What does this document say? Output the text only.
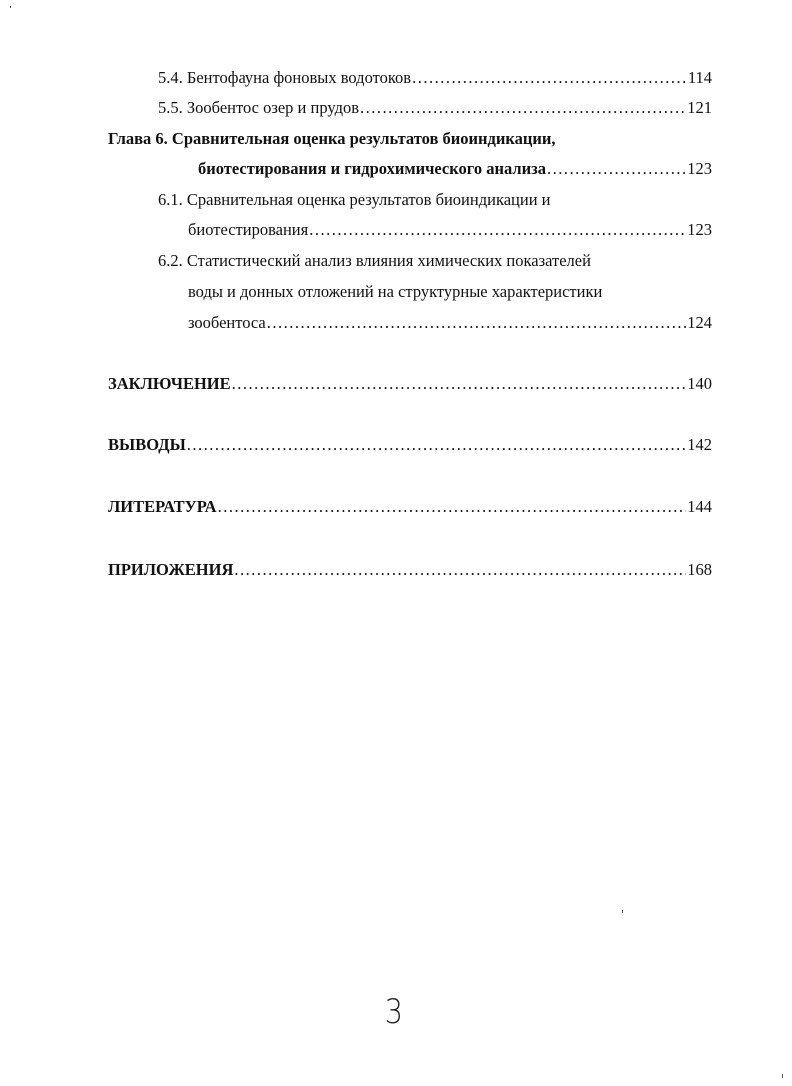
5.4. Бентофауна фоновых водотоков .....	114
5.5. Зообентос озер и прудов .....	121
Глава 6. Сравнительная оценка результатов биоиндикации,
биотестирования и гидрохимического анализа .....	123
6.1. Сравнительная оценка результатов биоиндикации и
биотестирования .....	123
6.2. Статистический анализ влияния химических показателей
воды и донных отложений на структурные характеристики
зообентоса .....	124
ЗАКЛЮЧЕНИЕ .....	140
ВЫВОДЫ .....	142
ЛИТЕРАТУРА .....	144
ПРИЛОЖЕНИЯ .....	168
3
